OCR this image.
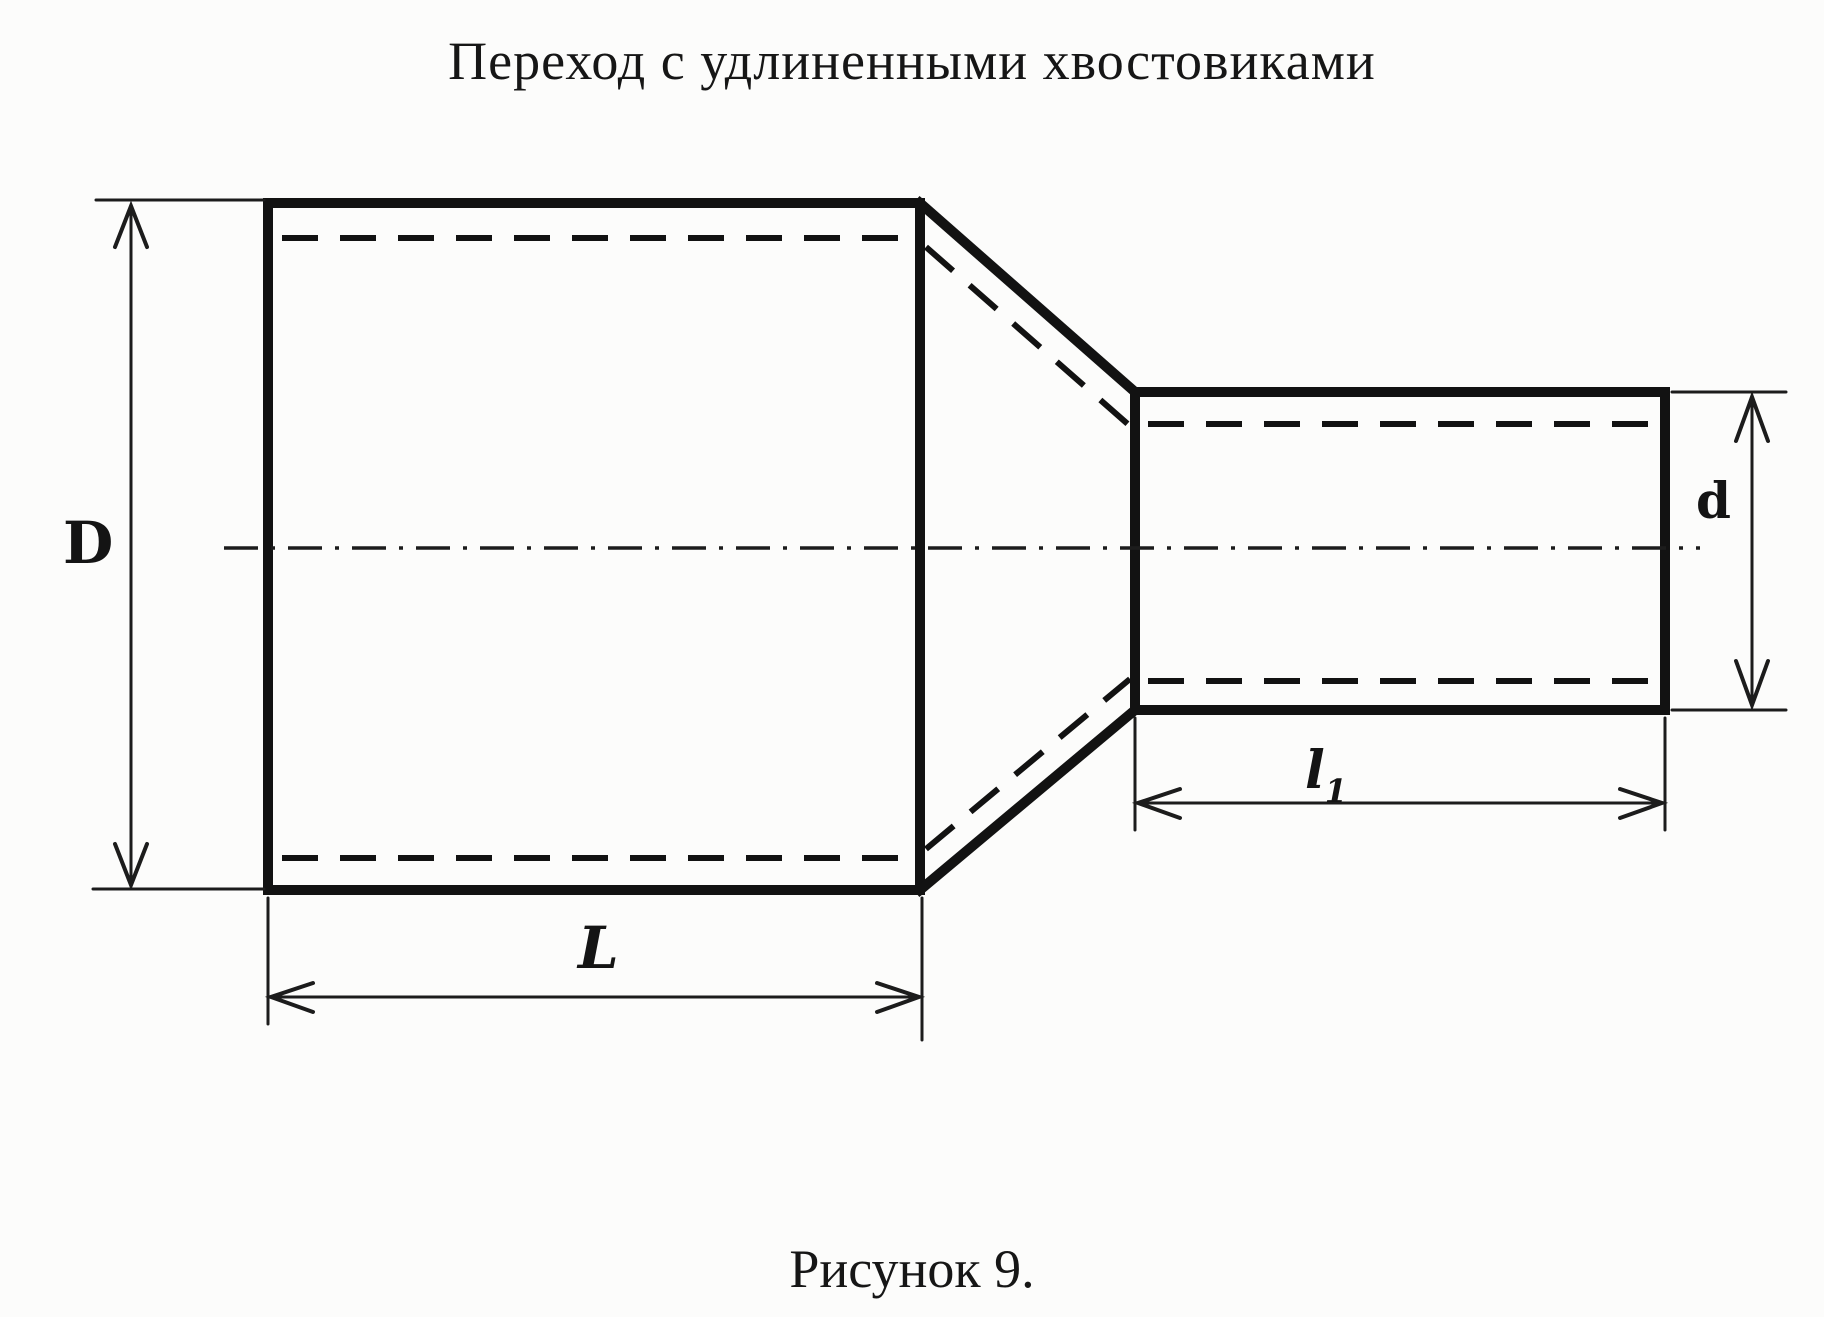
Переход с удлиненными хвостовиками
D
d
L
$l_1$
Рисунок 9.
